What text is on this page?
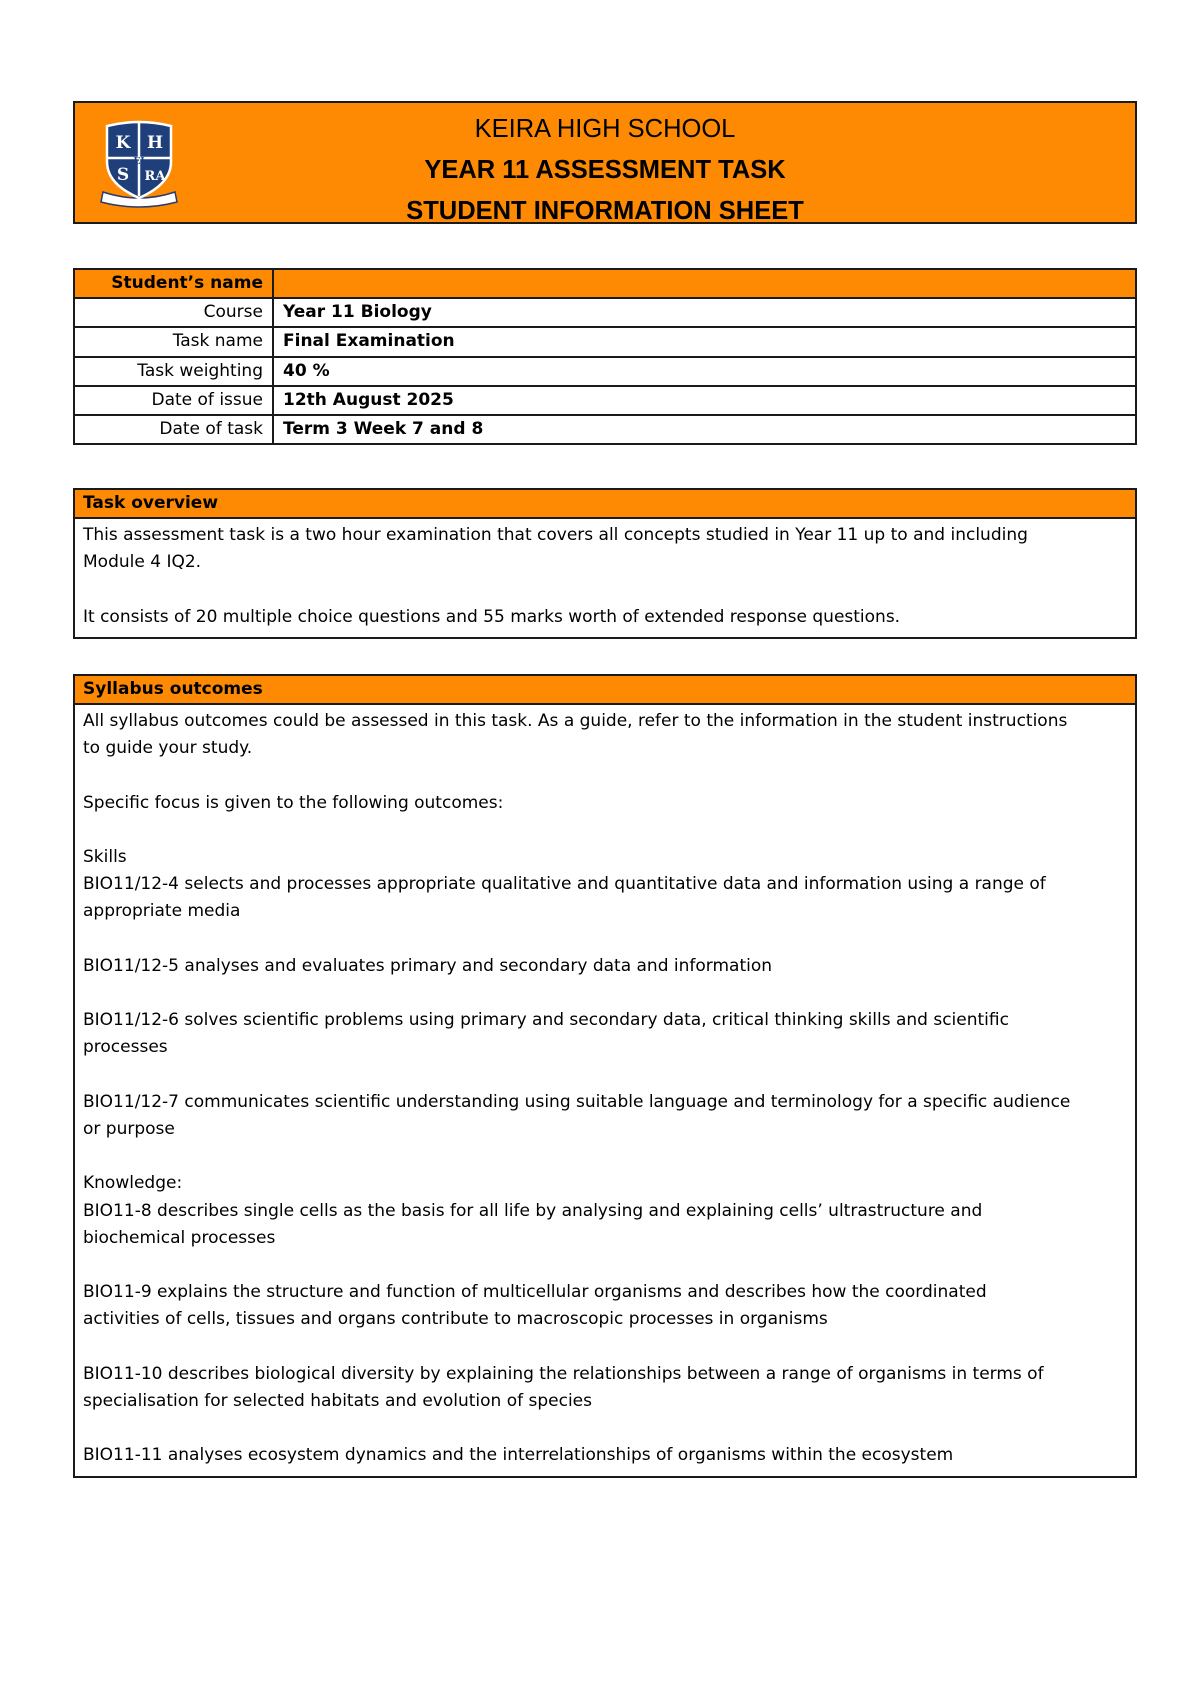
K H
S RA
EI
KEIRA HIGH SCHOOL
YEAR 11 ASSESSMENT TASK
STUDENT INFORMATION SHEET
Student’s name
Course	Year 11 Biology
Task name	Final Examination
Task weighting	40 %
Date of issue	12th August 2025
Date of task	Term 3 Week 7 and 8
Task overview

This assessment task is a two hour examination that covers all concepts studied in Year 11 up to and including

Module 4 IQ2.

It consists of 20 multiple choice questions and 55 marks worth of extended response questions.

Syllabus outcomes

All syllabus outcomes could be assessed in this task. As a guide, refer to the information in the student instructions

to guide your study.

Specific focus is given to the following outcomes:

Skills

BIO11/12-4 selects and processes appropriate qualitative and quantitative data and information using a range of

appropriate media

BIO11/12-5 analyses and evaluates primary and secondary data and information

BIO11/12-6 solves scientific problems using primary and secondary data, critical thinking skills and scientific

processes

BIO11/12-7 communicates scientific understanding using suitable language and terminology for a specific audience

or purpose

Knowledge:

BIO11-8 describes single cells as the basis for all life by analysing and explaining cells’ ultrastructure and

biochemical processes

BIO11-9 explains the structure and function of multicellular organisms and describes how the coordinated

activities of cells, tissues and organs contribute to macroscopic processes in organisms

BIO11-10 describes biological diversity by explaining the relationships between a range of organisms in terms of

specialisation for selected habitats and evolution of species

BIO11-11 analyses ecosystem dynamics and the interrelationships of organisms within the ecosystem
